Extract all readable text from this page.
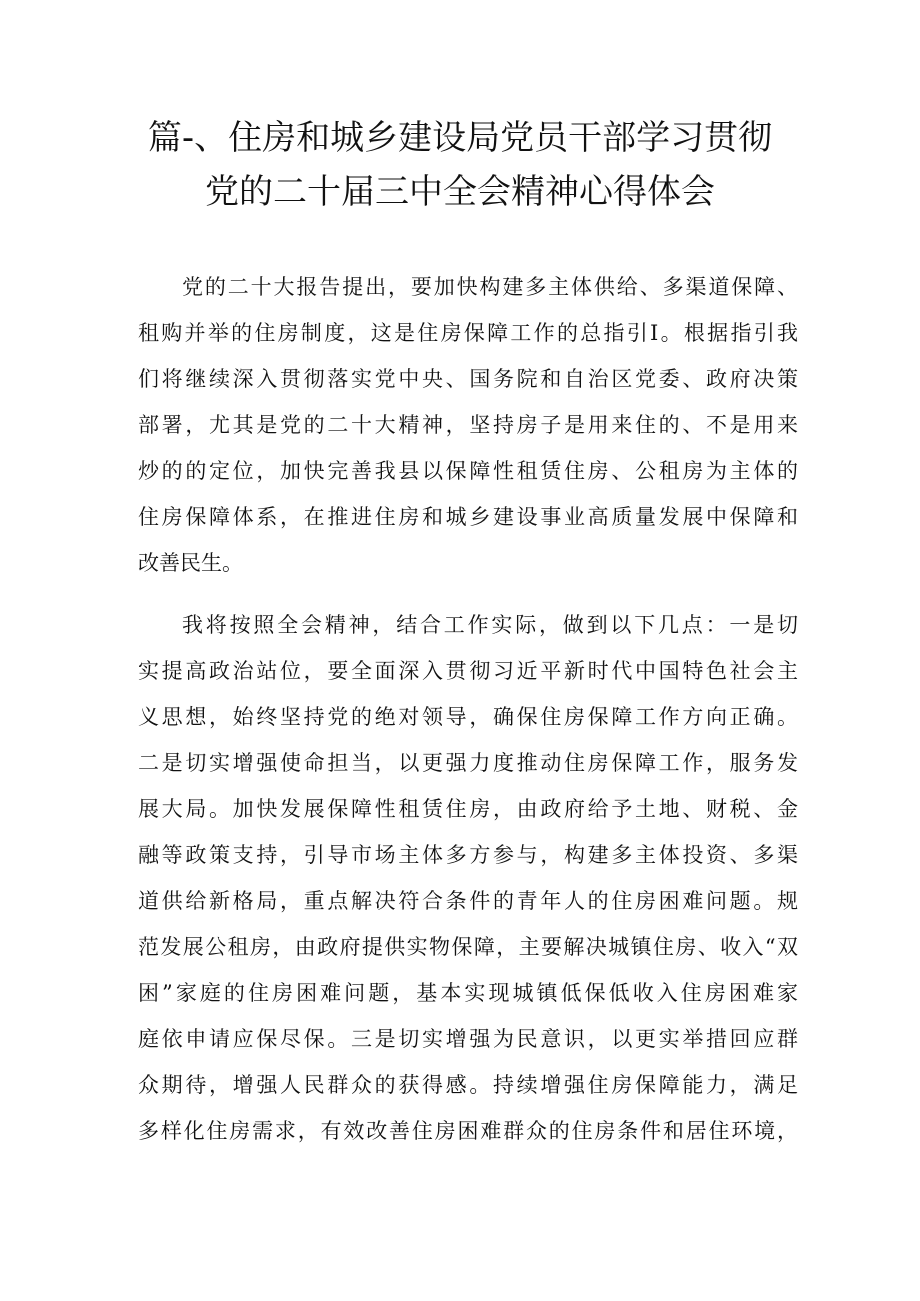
篇-、住房和城乡建设局党员干部学习贯彻
党的二十届三中全会精神心得体会
党的二十大报告提出，要加快构建多主体供给、多渠道保障、
租购并举的住房制度，这是住房保障工作的总指引I。根据指引我
们将继续深入贯彻落实党中央、国务院和自治区党委、政府决策
部署，尤其是党的二十大精神，坚持房子是用来住的、不是用来
炒的的定位，加快完善我县以保障性租赁住房、公租房为主体的
住房保障体系，在推进住房和城乡建设事业高质量发展中保障和
改善民生。
我将按照全会精神，结合工作实际，做到以下几点：一是切
实提高政治站位，要全面深入贯彻习近平新时代中国特色社会主
义思想，始终坚持党的绝对领导，确保住房保障工作方向正确。
二是切实增强使命担当，以更强力度推动住房保障工作，服务发
展大局。加快发展保障性租赁住房，由政府给予土地、财税、金
融等政策支持，引导市场主体多方参与，构建多主体投资、多渠
道供给新格局，重点解决符合条件的青年人的住房困难问题。规
范发展公租房，由政府提供实物保障，主要解决城镇住房、收入“双
困”家庭的住房困难问题，基本实现城镇低保低收入住房困难家
庭依申请应保尽保。三是切实增强为民意识，以更实举措回应群
众期待，增强人民群众的获得感。持续增强住房保障能力，满足
多样化住房需求，有效改善住房困难群众的住房条件和居住环境，
